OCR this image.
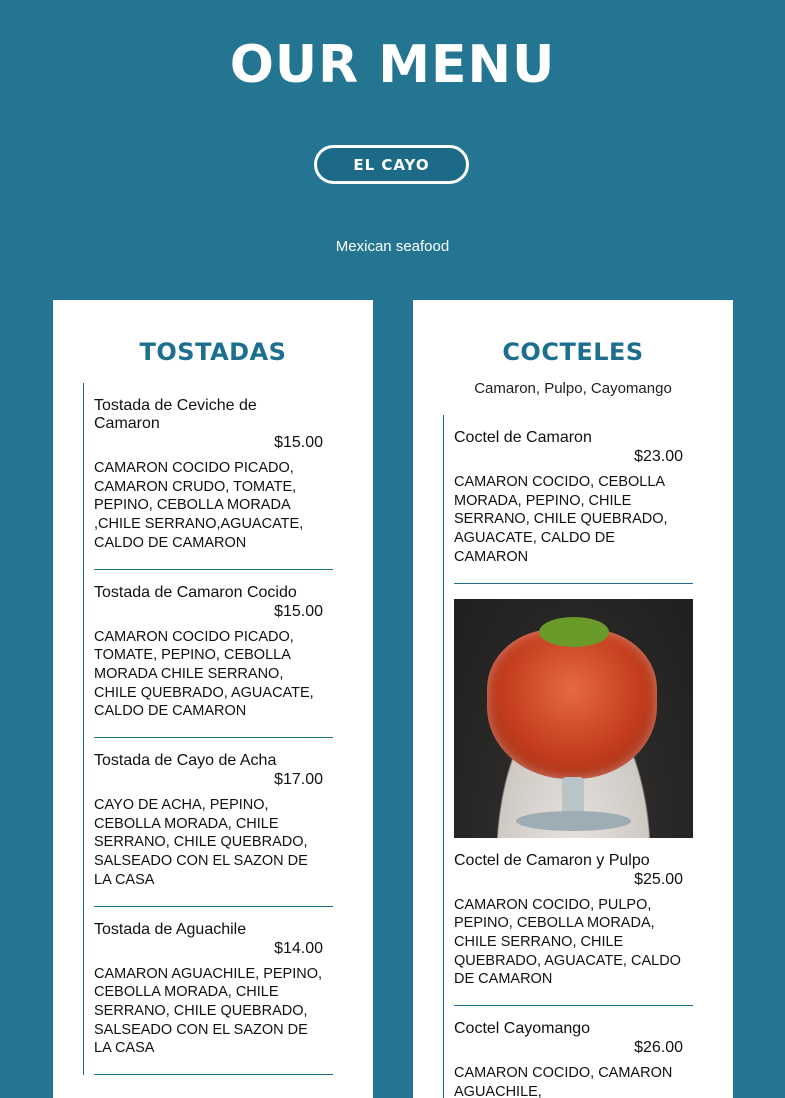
OUR MENU
EL CAYO
Mexican seafood
TOSTADAS
Tostada de Ceviche de Camaron
$15.00
CAMARON COCIDO PICADO, CAMARON CRUDO, TOMATE, PEPINO, CEBOLLA MORADA ,CHILE SERRANO,AGUACATE, CALDO DE CAMARON
Tostada de Camaron Cocido
$15.00
CAMARON COCIDO PICADO, TOMATE, PEPINO, CEBOLLA MORADA CHILE SERRANO, CHILE QUEBRADO, AGUACATE, CALDO DE CAMARON
Tostada de Cayo de Acha
$17.00
CAYO DE ACHA, PEPINO, CEBOLLA MORADA, CHILE SERRANO, CHILE QUEBRADO, SALSEADO CON EL SAZON DE LA CASA
Tostada de Aguachile
$14.00
CAMARON AGUACHILE, PEPINO, CEBOLLA MORADA, CHILE SERRANO, CHILE QUEBRADO, SALSEADO CON EL SAZON DE LA CASA
COCTELES
Camaron, Pulpo, Cayomango
Coctel de Camaron
$23.00
CAMARON COCIDO, CEBOLLA MORADA, PEPINO, CHILE SERRANO, CHILE QUEBRADO, AGUACATE, CALDO DE CAMARON
Coctel de Camaron y Pulpo
$25.00
CAMARON COCIDO, PULPO, PEPINO, CEBOLLA MORADA, CHILE SERRANO, CHILE QUEBRADO, AGUACATE, CALDO DE CAMARON
Coctel Cayomango
$26.00
CAMARON COCIDO, CAMARON AGUACHILE,
